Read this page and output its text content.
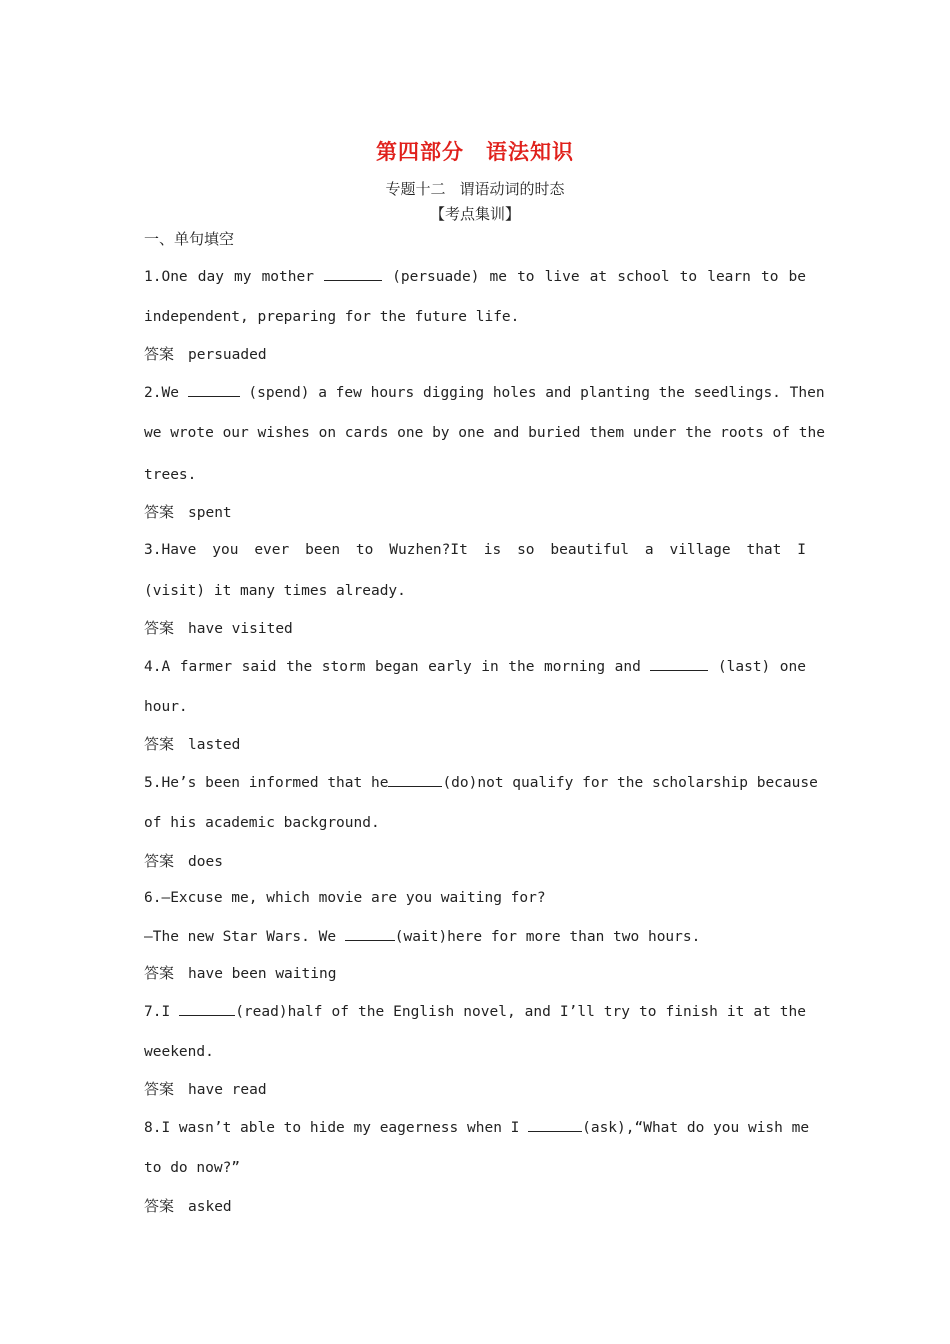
第四部分 语法知识
专题十二 谓语动词的时态
【考点集训】
一、单句填空
1.One day my mother	(persuade) me to live at school to learn to be
independent, preparing for the future life.
答案 persuaded
2.We	(spend) a few hours digging holes and planting the seedlings. Then
we wrote our wishes on cards one by one and buried them under the roots of the
trees.
答案 spent
3.Have you ever been to Wuzhen?It is so beautiful a village that I
(visit) it many times already.
答案 have visited
4.A farmer said the storm began early in the morning and	(last) one
hour.
答案 lasted
5.He’s been informed that he	(do)not qualify for the scholarship because
of his academic background.
答案 does
6.—Excuse me, which movie are you waiting for?
—The new Star Wars. We	(wait)here for more than two hours.
答案 have been waiting
7.I	(read)half of the English novel, and I’ll try to finish it at the
weekend.
答案 have read
8.I wasn’t able to hide my eagerness when I	(ask),“What do you wish me
to do now?”
答案 asked
